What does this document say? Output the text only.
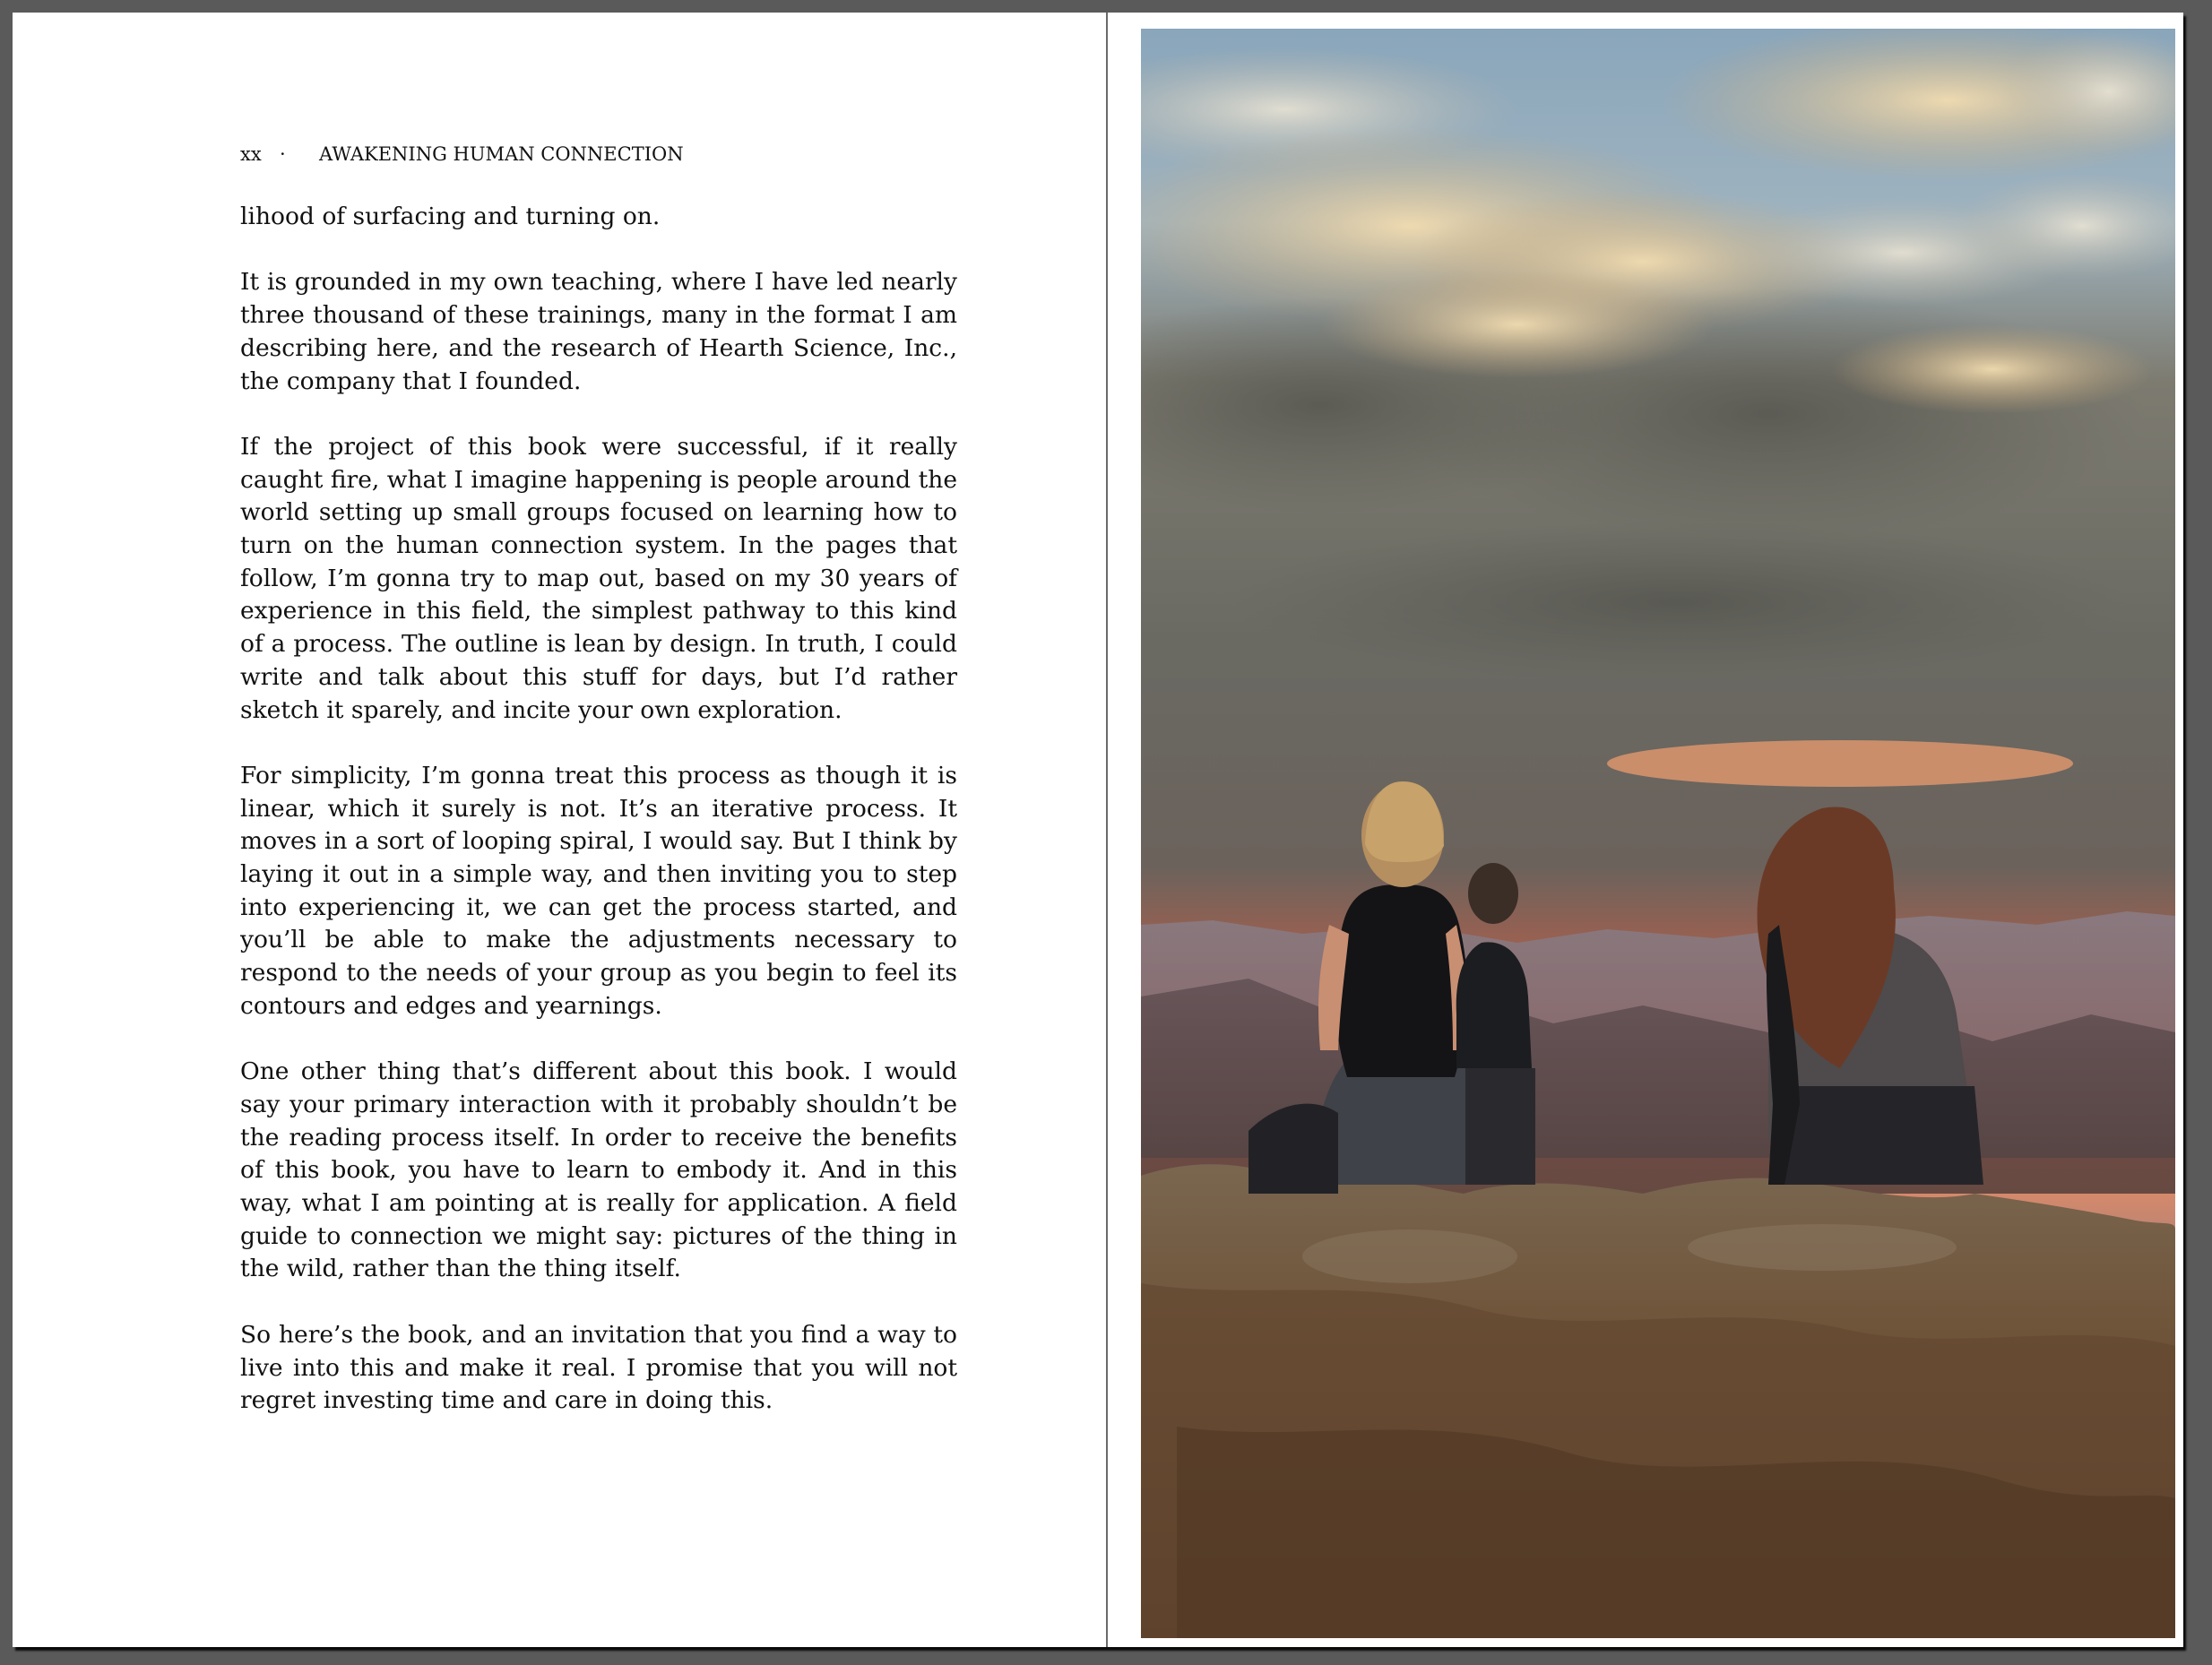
xx · AWAKENING HUMAN CONNECTION

lihood of surfacing and turning on.

It is grounded in my own teaching, where I have led nearly three thousand of these trainings, many in the format I am describing here, and the research of Hearth Science, Inc., the company that I founded.

If the project of this book were successful, if it really caught fire, what I imagine happening is people around the world setting up small groups focused on learning how to turn on the human connection system. In the pages that follow, I’m gonna try to map out, based on my 30 years of experience in this field, the simplest pathway to this kind of a process. The outline is lean by design. In truth, I could write and talk about this stuff for days, but I’d rather sketch it sparely, and incite your own exploration.

For simplicity, I’m gonna treat this process as though it is linear, which it surely is not. It’s an iterative process. It moves in a sort of looping spiral, I would say. But I think by laying it out in a simple way, and then inviting you to step into experiencing it, we can get the process started, and you’ll be able to make the adjustments necessary to respond to the needs of your group as you begin to feel its contours and edges and yearnings.

One other thing that’s different about this book. I would say your primary interaction with it probably shouldn’t be the reading process itself. In order to receive the benefits of this book, you have to learn to embody it. And in this way, what I am pointing at is really for application. A field guide to connection we might say: pictures of the thing in the wild, rather than the thing itself.

So here’s the book, and an invitation that you find a way to live into this and make it real. I promise that you will not regret investing time and care in doing this.
